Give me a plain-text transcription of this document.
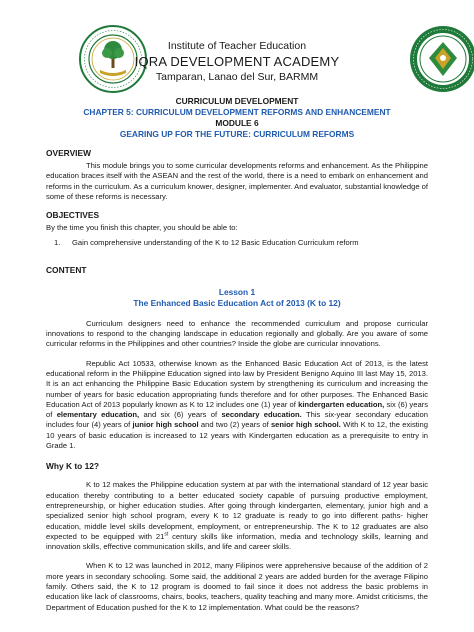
Institute of Teacher Education
IQRA DEVELOPMENT ACADEMY
Tamparan, Lanao del Sur, BARMM
CURRICULUM DEVELOPMENT
CHAPTER 5: CURRICULUM DEVELOPMENT REFORMS AND ENHANCEMENT
MODULE 6
GEARING UP FOR THE FUTURE: CURRICULUM REFORMS
OVERVIEW

This module brings you to some curricular developments reforms and enhancement. As the Philippine education braces itself with the ASEAN and the rest of the world, there is a need to embark on enhancement and reforms in the curriculum. As a curriculum knower, designer, implementer. And evaluator, substantial knowledge of some of these reforms is necessary.

OBJECTIVES

By the time you finish this chapter, you should be able to:

1.	Gain comprehensive understanding of the K to 12 Basic Education Curriculum reform
CONTENT
Lesson 1
The Enhanced Basic Education Act of 2013 (K to 12)

Curriculum designers need to enhance the recommended curriculum and propose curricular innovations to respond to the changing landscape in education regionally and globally. Are you aware of some curricular reforms in the Philippines and other countries? Inside the globe are curricular innovations.

Republic Act 10533, otherwise known as the Enhanced Basic Education Act of 2013, is the latest educational reform in the Philippine Education signed into law by President Benigno Aquino III last May 15, 2013. It is an act enhancing the Philippine Basic Education system by strengthening its curriculum and increasing the number of years for basic education appropriating funds therefore and for other purposes. The Enhanced Basic Education Act of 2013 popularly known as K to 12 includes one (1) year of kindergarten education, six (6) years of elementary education, and six (6) years of secondary education. This six-year secondary education includes four (4) years of junior high school and two (2) years of senior high school. With K to 12, the existing 10 years of basic education is increased to 12 years with Kindergarten education as a prerequisite to entry in Grade 1.

Why K to 12?

K to 12 makes the Philippine education system at par with the international standard of 12 year basic education thereby contributing to a better educated society capable of pursuing productive employment, entrepreneurship, or higher education studies. After going through kindergarten, elementary, junior high and a specialized senior high school program, every K to 12 graduate is ready to go into different paths- higher education, middle level skills development, employment, or entrepreneurship. The K to 12 graduates are also expected to be equipped with 21st century skills like information, media and technology skills, learning and innovation skills, effective communication skills, and life and career skills.

When K to 12 was launched in 2012, many Filipinos were apprehensive because of the addition of 2 more years in secondary schooling. Some said, the additional 2 years are added burden for the average Filipino family. Others said, the K to 12 program is doomed to fail since it does not address the basic problems in education like lack of classrooms, chairs, books, teachers, quality teaching and many more. Amidst criticisms, the Department of Education pushed for the K to 12 implementation. What could be the reasons?
